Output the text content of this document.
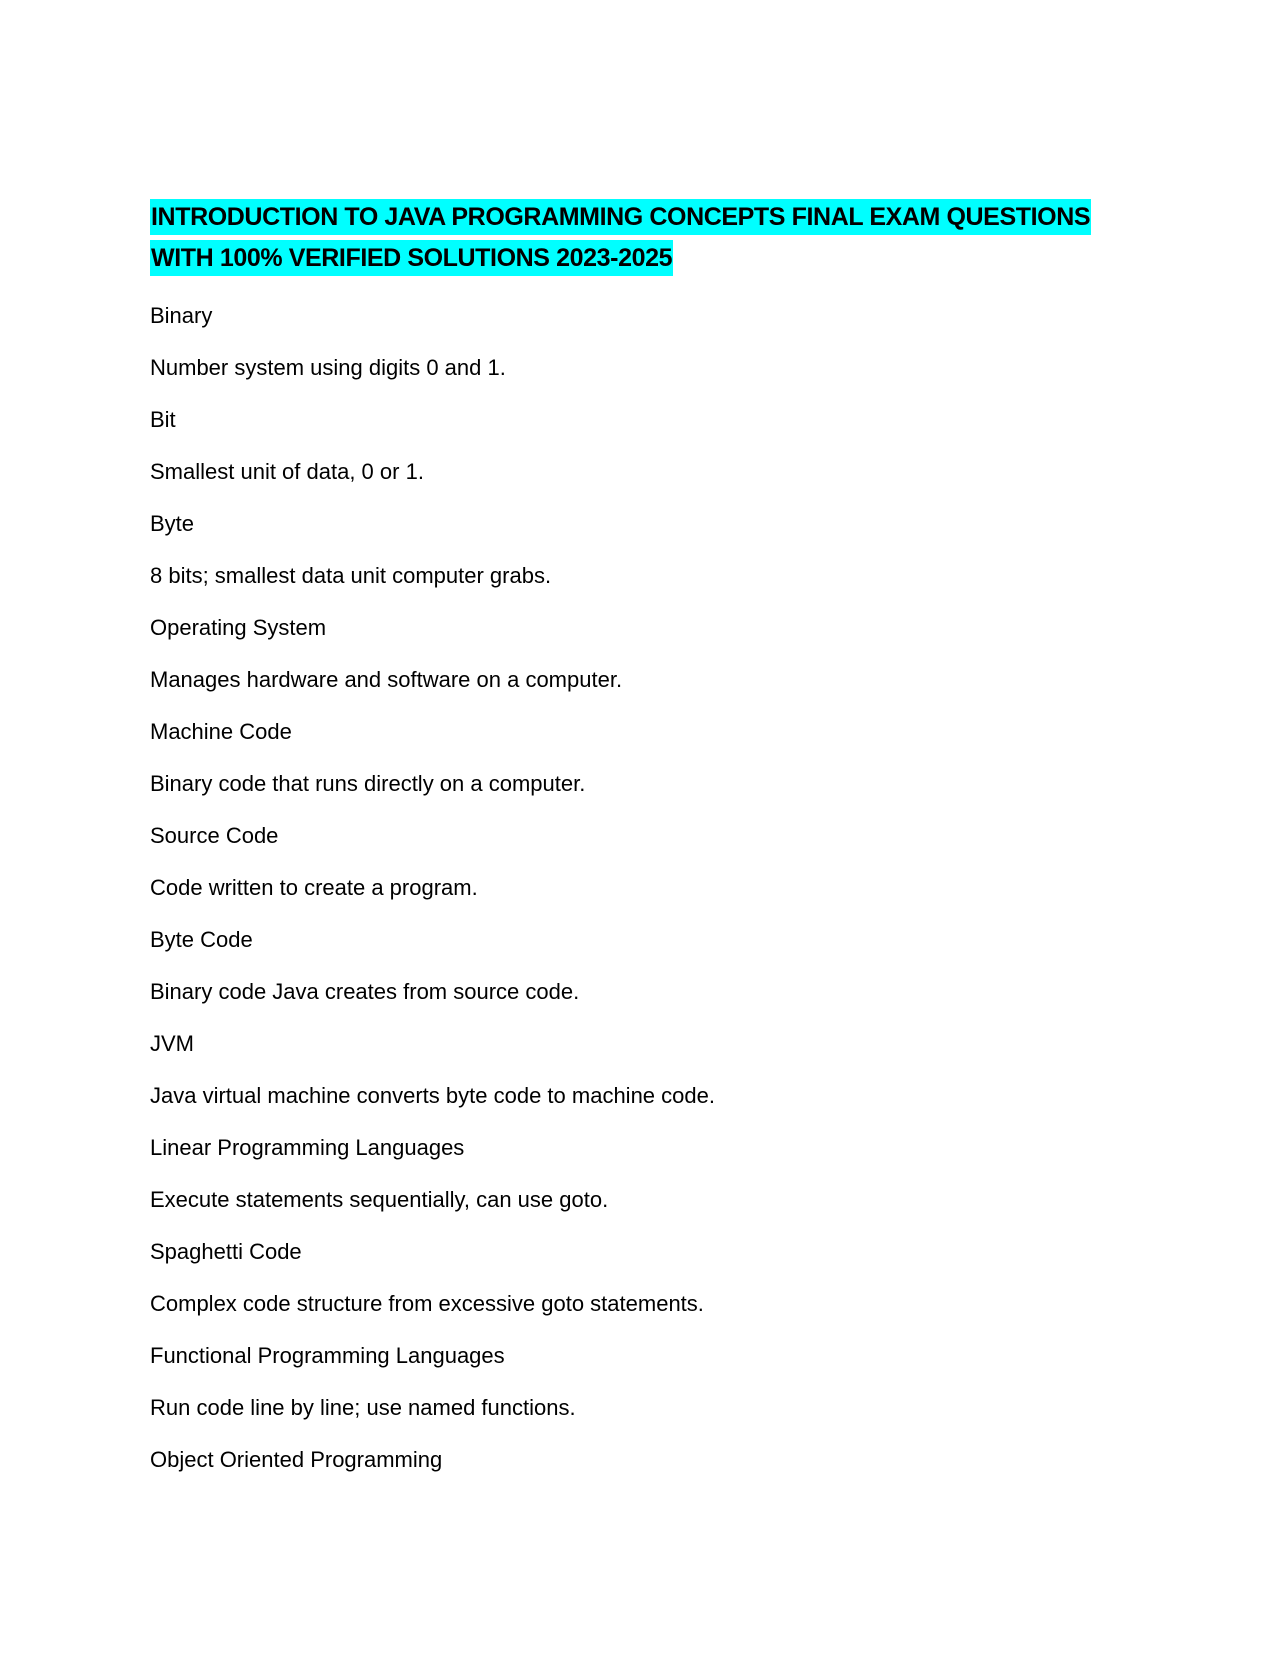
INTRODUCTION TO JAVA PROGRAMMING CONCEPTS FINAL EXAM QUESTIONS
WITH 100% VERIFIED SOLUTIONS 2023-2025
Binary
Number system using digits 0 and 1.
Bit
Smallest unit of data, 0 or 1.
Byte
8 bits; smallest data unit computer grabs.
Operating System
Manages hardware and software on a computer.
Machine Code
Binary code that runs directly on a computer.
Source Code
Code written to create a program.
Byte Code
Binary code Java creates from source code.
JVM
Java virtual machine converts byte code to machine code.
Linear Programming Languages
Execute statements sequentially, can use goto.
Spaghetti Code
Complex code structure from excessive goto statements.
Functional Programming Languages
Run code line by line; use named functions.
Object Oriented Programming
